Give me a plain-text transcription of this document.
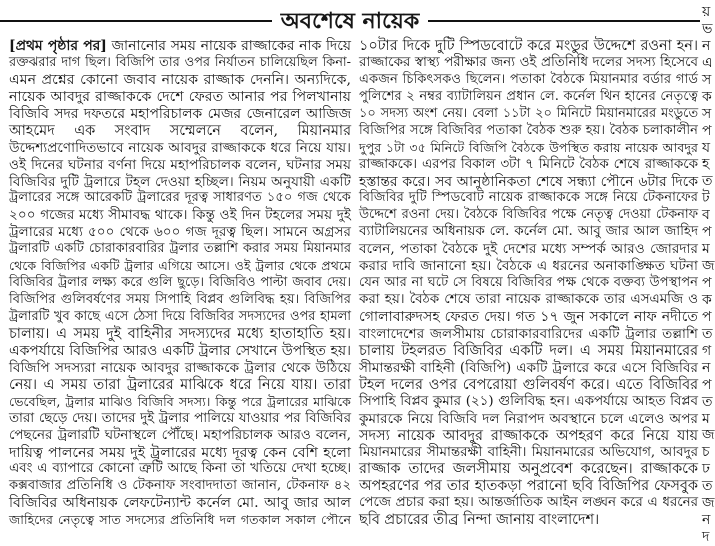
অবশেষে নায়েক
[প্রথম পৃষ্ঠার পর] জানানোর সময় নায়েক রাজ্জাকের নাক দিয়ে
রক্তঝরার দাগ ছিল। বিজিপি তার ওপর নির্যাতন চালিয়েছিল কিনা-
এমন প্রশ্নের কোনো জবাব নায়েক রাজ্জাক দেননি। অন্যদিকে,
নায়েক আবদুর রাজ্জাককে দেশে ফেরত আনার পর পিলখানায়
বিজিবি সদর দফতরে মহাপরিচালক মেজর জেনারেল আজিজ
আহমেদ এক সংবাদ সম্মেলনে বলেন, মিয়ানমার
উদ্দেশ্যপ্রণোদিতভাবে নায়েক আবদুর রাজ্জাককে ধরে নিয়ে যায়।
ওই দিনের ঘটনার বর্ণনা দিয়ে মহাপরিচালক বলেন, ঘটনার সময়
বিজিবির দুটি ট্রলারে টহল দেওয়া হচ্ছিল। নিয়ম অনুযায়ী একটি
ট্রলারের সঙ্গে আরেকটি ট্রলারের দূরত্ব সাধারণত ১৫০ গজ থেকে
২০০ গজের মধ্যে সীমাবদ্ধ থাকে। কিন্তু ওই দিন টহলের সময় দুই
ট্রলারের মধ্যে ৫০০ থেকে ৬০০ গজ দূরত্ব ছিল। সামনে অগ্রসর
ট্রলারটি একটি চোরাকারবারির ট্রলার তল্লাশি করার সময় মিয়ানমার
থেকে বিজিপির একটি ট্রলার এগিয়ে আসে। ওই ট্রলার থেকে প্রথমে
বিজিবির ট্রলার লক্ষ্য করে গুলি ছুড়ে। বিজিবিও পাল্টা জবাব দেয়।
বিজিপির গুলিবর্ষণের সময় সিপাহি বিপ্লব গুলিবিদ্ধ হয়। বিজিপির
ট্রলারটি খুব কাছে এসে ঠেসা দিয়ে বিজিবির সদস্যদের ওপর হামলা
চালায়। এ সময় দুই বাহিনীর সদস্যদের মধ্যে হাতাহাতি হয়।
একপর্যায়ে বিজিপির আরও একটি ট্রলার সেখানে উপস্থিত হয়।
বিজিপি সদস্যরা নায়েক আবদুর রাজ্জাককে ট্রলার থেকে উঠিয়ে
নেয়। এ সময় তারা ট্রলারের মাঝিকে ধরে নিয়ে যায়। তারা
ভেবেছিল, ট্রলার মাঝিও বিজিবি সদস্য। কিন্তু পরে ট্রলারের মাঝিকে
তারা ছেড়ে দেয়। তাদের দুই ট্রলার পালিয়ে যাওয়ার পর বিজিবির
পেছনের ট্রলারটি ঘটনাস্থলে পৌঁছে। মহাপরিচালক আরও বলেন,
দায়িত্ব পালনের সময় দুই ট্রলারের মধ্যে দূরত্ব কেন বেশি হলো
এবং এ ব্যাপারে কোনো ত্রুটি আছে কিনা তা খতিয়ে দেখা হচ্ছে।
কক্সবাজার প্রতিনিধি ও টেকনাফ সংবাদদাতা জানান, টেকনাফ ৪২
বিজিবির অধিনায়ক লেফটেন্যান্ট কর্নেল মো. আবু জার আল
জাহিদের নেতৃত্বে সাত সদস্যের প্রতিনিধি দল গতকাল সকাল পৌনে
১০টার দিকে দুটি স্পিডবোটে করে মংডুর উদ্দেশে রওনা হন।
রাজ্জাকের স্বাস্থ্য পরীক্ষার জন্য ওই প্রতিনিধি দলের সদস্য হিসেবে
একজন চিকিৎসকও ছিলেন। পতাকা বৈঠকে মিয়ানমার বর্ডার গার্ড
পুলিশের ২ নম্বর ব্যাটালিয়ন প্রধান লে. কর্নেল থিন হানের নেতৃত্বে
১০ সদস্য অংশ নেয়। বেলা ১১টা ২০ মিনিটে মিয়ানমারের মংডুতে
বিজিপির সঙ্গে বিজিবির পতাকা বৈঠক শুরু হয়। বৈঠক চলাকালীন
দুপুর ১টা ৩৫ মিনিটে বিজিপি বৈঠকে উপস্থিত করায় নায়েক আবদুর
রাজ্জাককে। এরপর বিকাল ৩টা ৭ মিনিটে বৈঠক শেষে রাজ্জাককে
হস্তান্তর করে। সব আনুষ্ঠানিকতা শেষে সন্ধ্যা পৌনে ৬টার দিকে
বিজিবির দুটি স্পিডবোট নায়েক রাজ্জাককে সঙ্গে নিয়ে টেকনাফের
উদ্দেশে রওনা দেয়। বৈঠকে বিজিবির পক্ষে নেতৃত্ব দেওয়া টেকনাফ
ব্যাটালিয়নের অধিনায়ক লে. কর্নেল মো. আবু জার আল জাহিদ
বলেন, পতাকা বৈঠকে দুই দেশের মধ্যে সম্পর্ক আরও জোরদার
করার দাবি জানানো হয়। বৈঠকে এ ধরনের অনাকাঙ্ক্ষিত ঘটনা
যেন আর না ঘটে সে বিষয়ে বিজিবির পক্ষ থেকে বক্তব্য উপস্থাপন
করা হয়। বৈঠক শেষে তারা নায়েক রাজ্জাককে তার এসএমজি ও
গোলাবারুদসহ ফেরত দেয়। গত ১৭ জুন সকালে নাফ নদীতে
বাংলাদেশের জলসীমায় চোরাকারবারিদের একটি ট্রলার তল্লাশি
চালায় টহলরত বিজিবির একটি দল। এ সময় মিয়ানমারের
সীমান্তরক্ষী বাহিনী (বিজিপি) একটি ট্রলারে করে এসে বিজিবির
টহল দলের ওপর বেপরোয়া গুলিবর্ষণ করে। এতে বিজিবির
সিপাহি বিপ্লব কুমার (২১) গুলিবিদ্ধ হন। একপর্যায়ে আহত বিপ্লব
কুমারকে নিয়ে বিজিবি দল নিরাপদ অবস্থানে চলে এলেও অপর
সদস্য নায়েক আবদুর রাজ্জাককে অপহরণ করে নিয়ে যায়
মিয়ানমারের সীমান্তরক্ষী বাহিনী। মিয়ানমারের অভিযোগ, আবদুর
রাজ্জাক তাদের জলসীমায় অনুপ্রবেশ করেছেন। রাজ্জাককে
অপহরণের পর তার হাতকড়া পরানো ছবি বিজিপির ফেসবুক
পেজে প্রচার করা হয়। আন্তর্জাতিক আইন লঙ্ঘন করে এ ধরনের
ছবি প্রচারের তীব্র নিন্দা জানায় বাংলাদেশ।
য়
ভ
ন
এ
স
ক
স
প
য
হ
ত
ট
ব
প
ম
জ
প
ক
প
ত
গ
ন
প
ত
ম
জ
চ
ঢ
ত
জ
ন
দ
